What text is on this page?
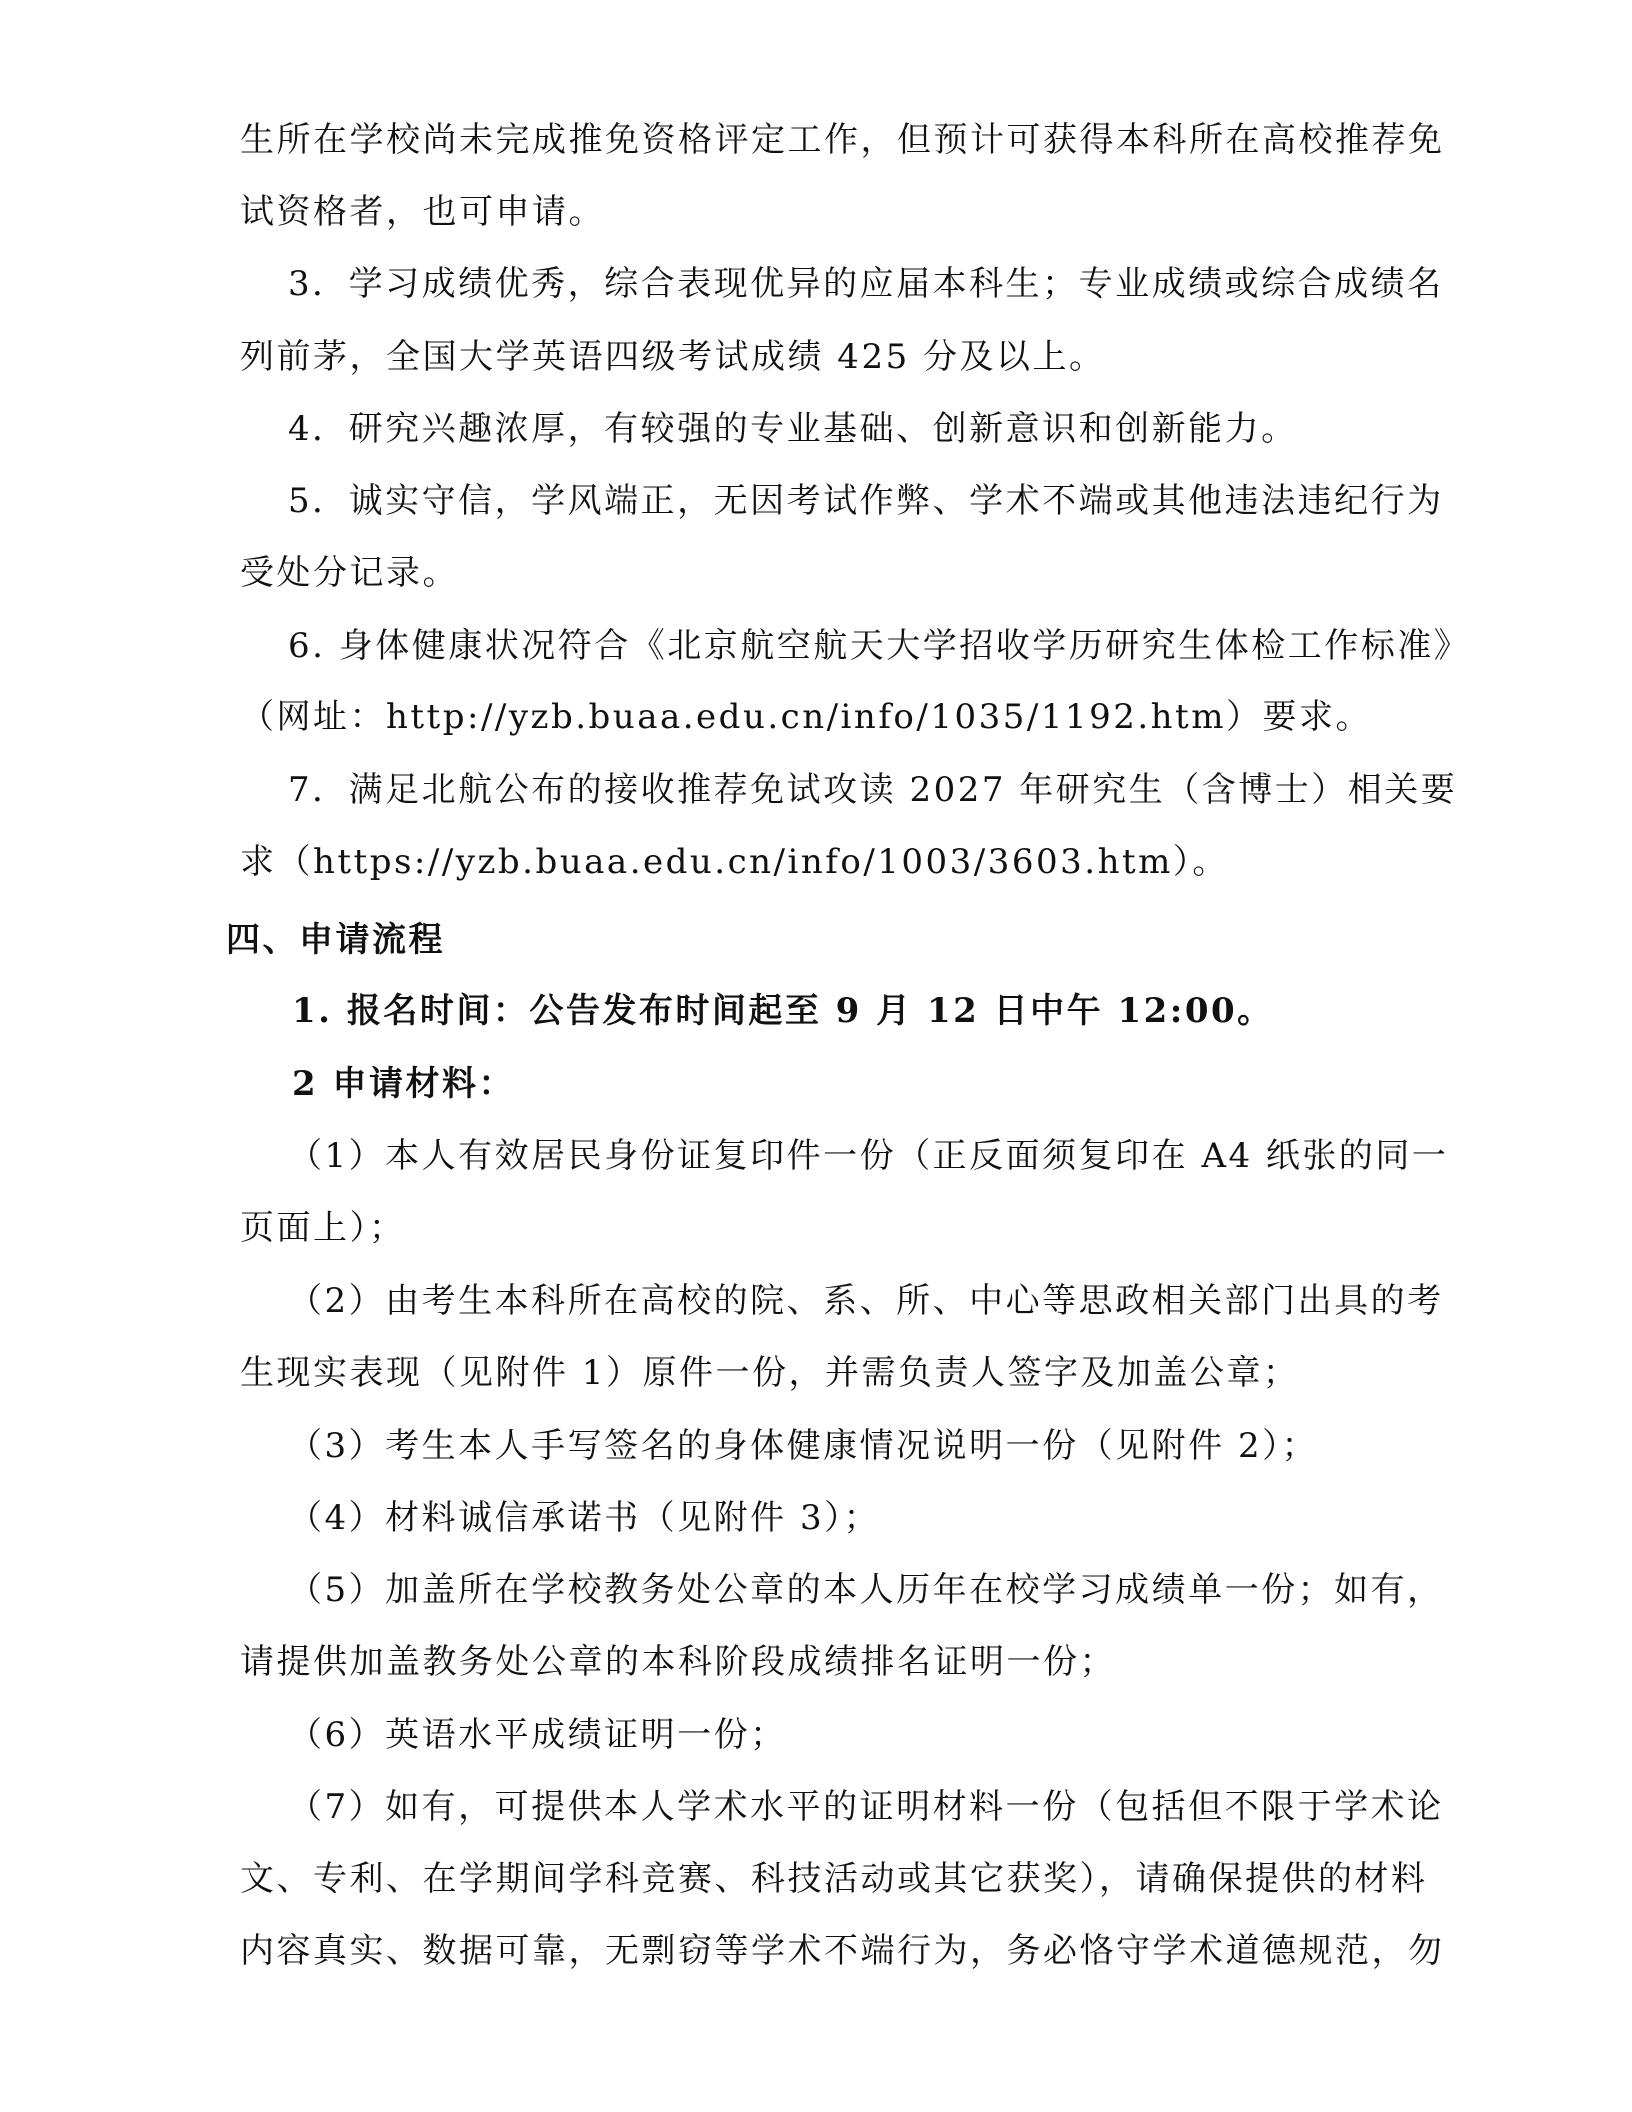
生所在学校尚未完成推免资格评定工作，但预计可获得本科所在高校推荐免
试资格者，也可申请。
3．学习成绩优秀，综合表现优异的应届本科生；专业成绩或综合成绩名
列前茅，全国大学英语四级考试成绩 425 分及以上。
4．研究兴趣浓厚，有较强的专业基础、创新意识和创新能力。
5．诚实守信，学风端正，无因考试作弊、学术不端或其他违法违纪行为
受处分记录。
6. 身体健康状况符合《北京航空航天大学招收学历研究生体检工作标准》
（网址：http://yzb.buaa.edu.cn/info/1035/1192.htm）要求。
7．满足北航公布的接收推荐免试攻读 2027 年研究生（含博士）相关要
求（https://yzb.buaa.edu.cn/info/1003/3603.htm）。
四、申请流程
1. 报名时间：公告发布时间起至 9 月 12 日中午 12:00。
2 申请材料：
（1）本人有效居民身份证复印件一份（正反面须复印在 A4 纸张的同一
页面上）；
（2）由考生本科所在高校的院、系、所、中心等思政相关部门出具的考
生现实表现（见附件 1）原件一份，并需负责人签字及加盖公章；
（3）考生本人手写签名的身体健康情况说明一份（见附件 2）；
（4）材料诚信承诺书（见附件 3）；
（5）加盖所在学校教务处公章的本人历年在校学习成绩单一份；如有，
请提供加盖教务处公章的本科阶段成绩排名证明一份；
（6）英语水平成绩证明一份；
（7）如有，可提供本人学术水平的证明材料一份（包括但不限于学术论
文、专利、在学期间学科竞赛、科技活动或其它获奖），请确保提供的材料
内容真实、数据可靠，无剽窃等学术不端行为，务必恪守学术道德规范，勿
